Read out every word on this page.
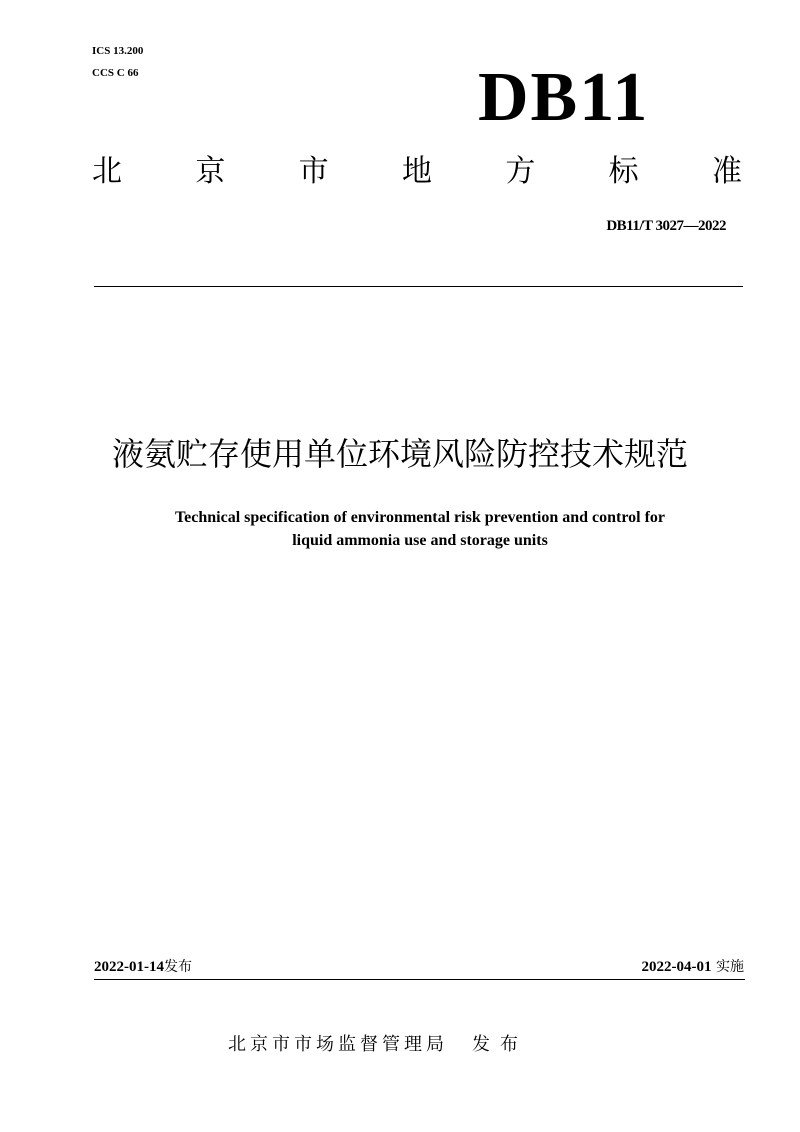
ICS 13.200
CCS C 66	DB11
北 京 市 地 方 标 准
DB11/T 3027—2022
液氨贮存使用单位环境风险防控技术规范
Technical specification of environmental risk prevention and control for
liquid ammonia use and storage units
2022-01-14发布	2022-04-01 实施
北京市市场监督管理局 发布
